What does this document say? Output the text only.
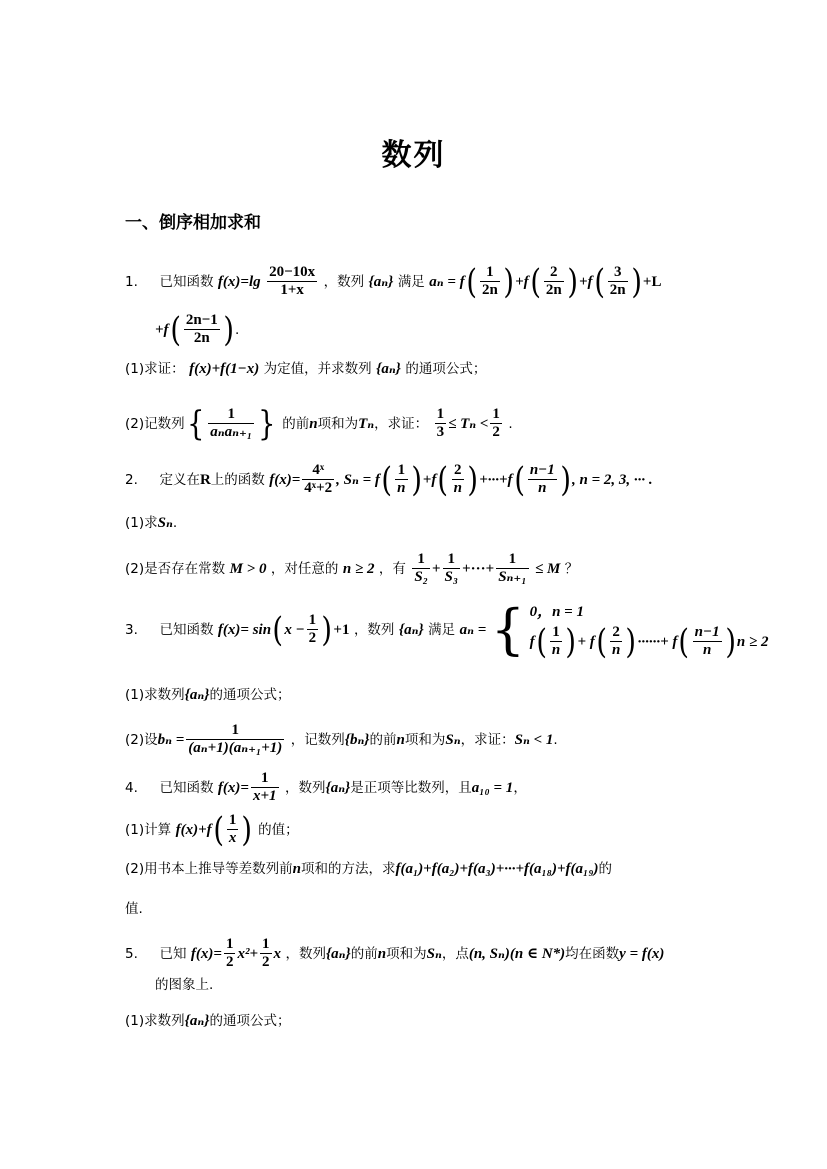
数列
一、倒序相加求和
1. 已知函数 $f(x)=\lg \frac{20-10x}{1+x}$ ，数列 {aₙ} 满足 $a_n = f( \frac{1}{2n} )+f( \frac{2}{2n} )+f( \frac{3}{2n} )+L$
$+f( \frac{2n-1}{2n}$ ).
(1)求证： f(x)+f(1−x) 为定值，并求数列 {aₙ} 的通项公式；
(2)记数列{ $\frac{1}{\text{aₙaₙ₊₁}}$ } 的前n项和为Tₙ，求证： $\frac{1}{3} \le T_n < \frac{1}{2}$ .
2. 定义在R上的函数 $f(x)= \frac{\text{4ˣ}}{\text{4ˣ+2}}$ , $S_n = f( \frac{1}{n} )+f( \frac{2}{n} )+\cdot\cdot\cdot+f( \frac{n-1}{n}$ ), n = 2, 3, ··· .
(1)求Sₙ.
(2)是否存在常数 M > 0 ，对任意的 n ≥ 2 ，有 $\frac{1}{\text{S₂}} + \frac{1}{\text{S₃}}$ +···+ $\frac{1}{\text{Sₙ₊₁}} \le M$ ？
3. 已知函数 $f(x)= \sin(x - \frac{1}{2} )+1$ ，数列 {aₙ} 满足 aₙ = { 0，n = 1
$f( \frac{1}{n}$ )+ $f( \frac{2}{n}$ )······+ $f( \frac{n-1}{n} )n \ge 2$
(1)求数列{aₙ}的通项公式；
(2)设$b_n = \frac{1}{\text{(aₙ+1)(aₙ₊₁+1)}}$ ，记数列{bₙ}的前n项和为Sₙ，求证：Sₙ < 1.
4. 已知函数 $f(x)= \frac{1}{x+1}$ ，数列{aₙ}是正项等比数列，且a₁₀ = 1，
(1)计算 $f(x)+f( \frac{1}{x}$ ) 的值；
(2)用书本上推导等差数列前n项和的方法，求f(a₁)+f(a₂)+f(a₃)+···+f(a₁₈)+f(a₁₉)的
值.
5. 已知 $f(x)= \frac{1}{2} x^2+ \frac{1}{2}$ x ，数列{aₙ}的前n项和为Sₙ，点(n, Sₙ)(n ∈ N*)均在函数y = f(x)
的图象上.
(1)求数列{aₙ}的通项公式；
